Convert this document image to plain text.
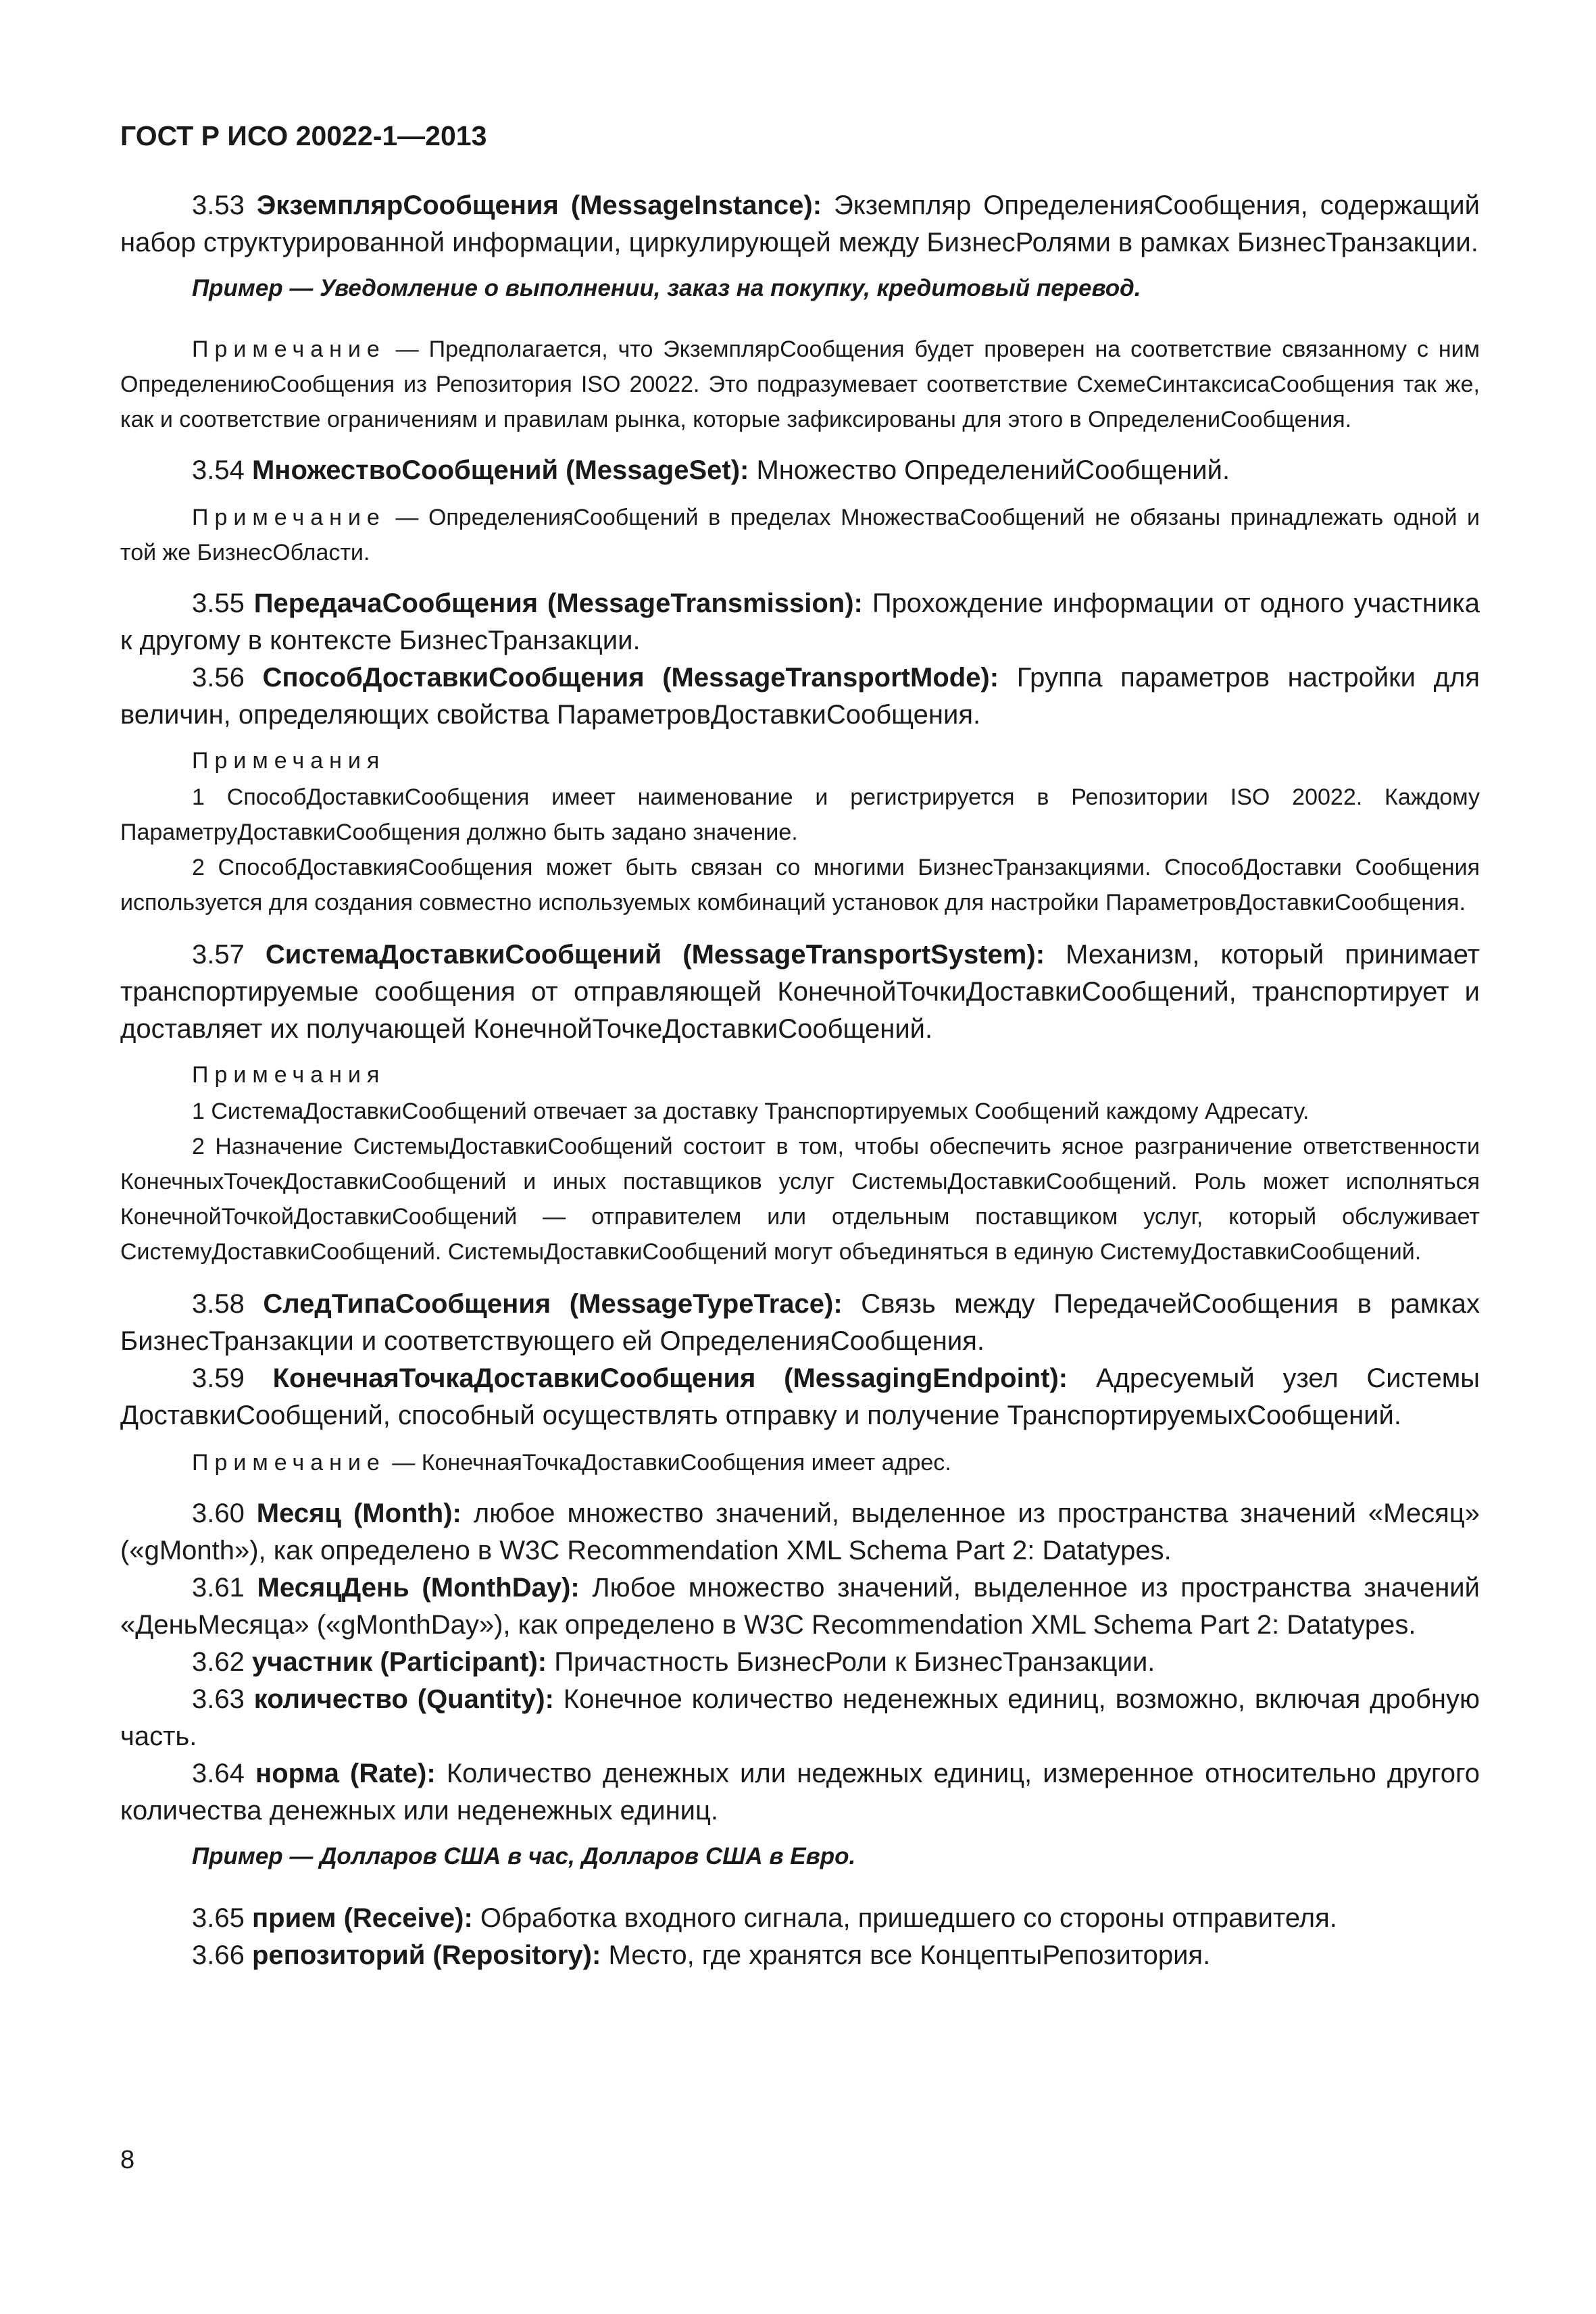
ГОСТ Р ИСО 20022-1—2013

3.53 ЭкземплярСообщения (MessageInstance): Экземпляр ОпределенияСообщения, содержащий набор структурированной информации, циркулирующей между БизнесРолями в рамках БизнесТранзакции.

Пример — Уведомление о выполнении, заказ на покупку, кредитовый перевод.

Примечание — Предполагается, что ЭкземплярСообщения будет проверен на соответствие связанному с ним ОпределениюСообщения из Репозитория ISO 20022. Это подразумевает соответствие СхемеСинтаксисаСообщения так же, как и соответствие ограничениям и правилам рынка, которые зафиксированы для этого в ОпределениСообщения.

3.54 МножествоСообщений (MessageSet): Множество ОпределенийСообщений.

Примечание — ОпределенияСообщений в пределах МножестваСообщений не обязаны принадлежать одной и той же БизнесОбласти.

3.55 ПередачаСообщения (MessageTransmission): Прохождение информации от одного участника к другому в контексте БизнесТранзакции.

3.56 СпособДоставкиСообщения (MessageTransportMode): Группа параметров настройки для величин, определяющих свойства ПараметровДоставкиСообщения.

Примечания

1 СпособДоставкиСообщения имеет наименование и регистрируется в Репозитории ISO 20022. Каждому ПараметруДоставкиСообщения должно быть задано значение.

2 СпособДоставкияСообщения может быть связан со многими БизнесТранзакциями. СпособДоставки Сообщения используется для создания совместно используемых комбинаций установок для настройки ПараметровДоставкиСообщения.

3.57 СистемаДоставкиСообщений (MessageTransportSystem): Механизм, который принимает транспортируемые сообщения от отправляющей КонечнойТочкиДоставкиСообщений, транспортирует и доставляет их получающей КонечнойТочкеДоставкиСообщений.

Примечания

1 СистемаДоставкиСообщений отвечает за доставку Транспортируемых Сообщений каждому Адресату.

2 Назначение СистемыДоставкиСообщений состоит в том, чтобы обеспечить ясное разграничение ответственности КонечныхТочекДоставкиСообщений и иных поставщиков услуг СистемыДоставкиСообщений. Роль может исполняться КонечнойТочкойДоставкиСообщений — отправителем или отдельным поставщиком услуг, который обслуживает СистемуДоставкиСообщений. СистемыДоставкиСообщений могут объединяться в единую СистемуДоставкиСообщений.

3.58 СледТипаСообщения (MessageTypeTrace): Связь между ПередачейСообщения в рамках БизнесТранзакции и соответствующего ей ОпределенияСообщения.

3.59 КонечнаяТочкаДоставкиСообщения (MessagingEndpoint): Адресуемый узел Системы ДоставкиСообщений, способный осуществлять отправку и получение ТранспортируемыхСообщений.

Примечание — КонечнаяТочкаДоставкиСообщения имеет адрес.

3.60 Месяц (Month): любое множество значений, выделенное из пространства значений «Месяц» («gMonth»), как определено в W3C Recommendation XML Schema Part 2: Datatypes.

3.61 МесяцДень (MonthDay): Любое множество значений, выделенное из пространства значений «ДеньМесяца» («gMonthDay»), как определено в W3C Recommendation XML Schema Part 2: Datatypes.

3.62 участник (Participant): Причастность БизнесРоли к БизнесТранзакции.

3.63 количество (Quantity): Конечное количество неденежных единиц, возможно, включая дробную часть.

3.64 норма (Rate): Количество денежных или недежных единиц, измеренное относительно другого количества денежных или неденежных единиц.

Пример — Долларов США в час, Долларов США в Евро.

3.65 прием (Receive): Обработка входного сигнала, пришедшего со стороны отправителя.

3.66 репозиторий (Repository): Место, где хранятся все КонцептыРепозитория.

8
